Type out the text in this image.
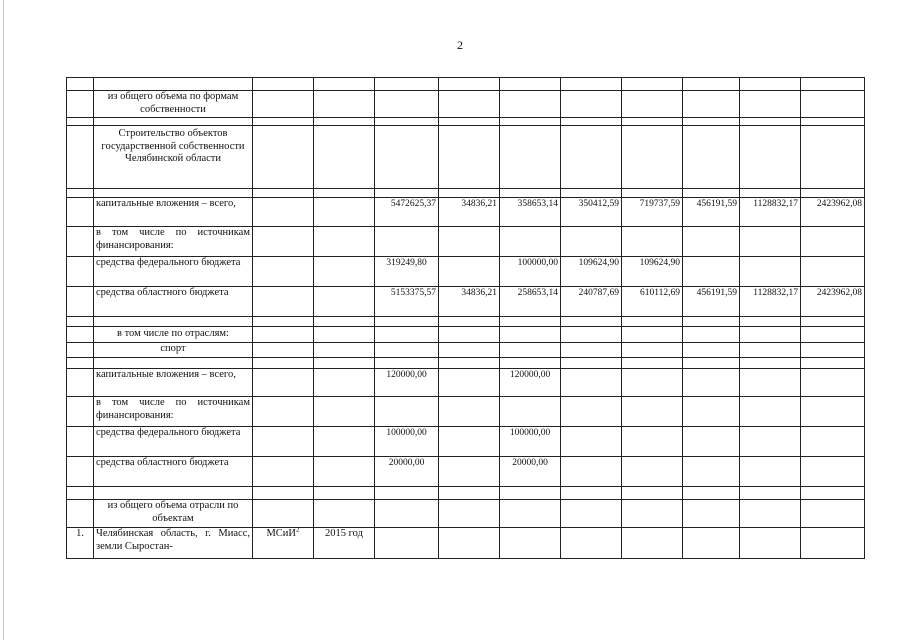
2

	из общего объема по формам собственности										

	Строительство объектов государственной собственности Челябинской области										

	капитальные вложения – всего,			5472625,37	34836,21	358653,14	350412,59	719737,59	456191,59	1128832,17	2423962,08
	в том числе по источникам финансирования:										
	средства федерального бюджета			319249,80		100000,00	109624,90	109624,90			
	средства областного бюджета			5153375,57	34836,21	258653,14	240787,69	610112,69	456191,59	1128832,17	2423962,08

	в том числе по отраслям:										
	спорт										

	капитальные вложения – всего,			120000,00		120000,00					
	в том числе по источникам финансирования:										
	средства федерального бюджета			100000,00		100000,00					
	средства областного бюджета			20000,00		20000,00					

	из общего объема отрасли по объектам										
1.	Челябинская область, г. Миасс, земли Сыростан-	МСиИ$^2$	2015 год								
